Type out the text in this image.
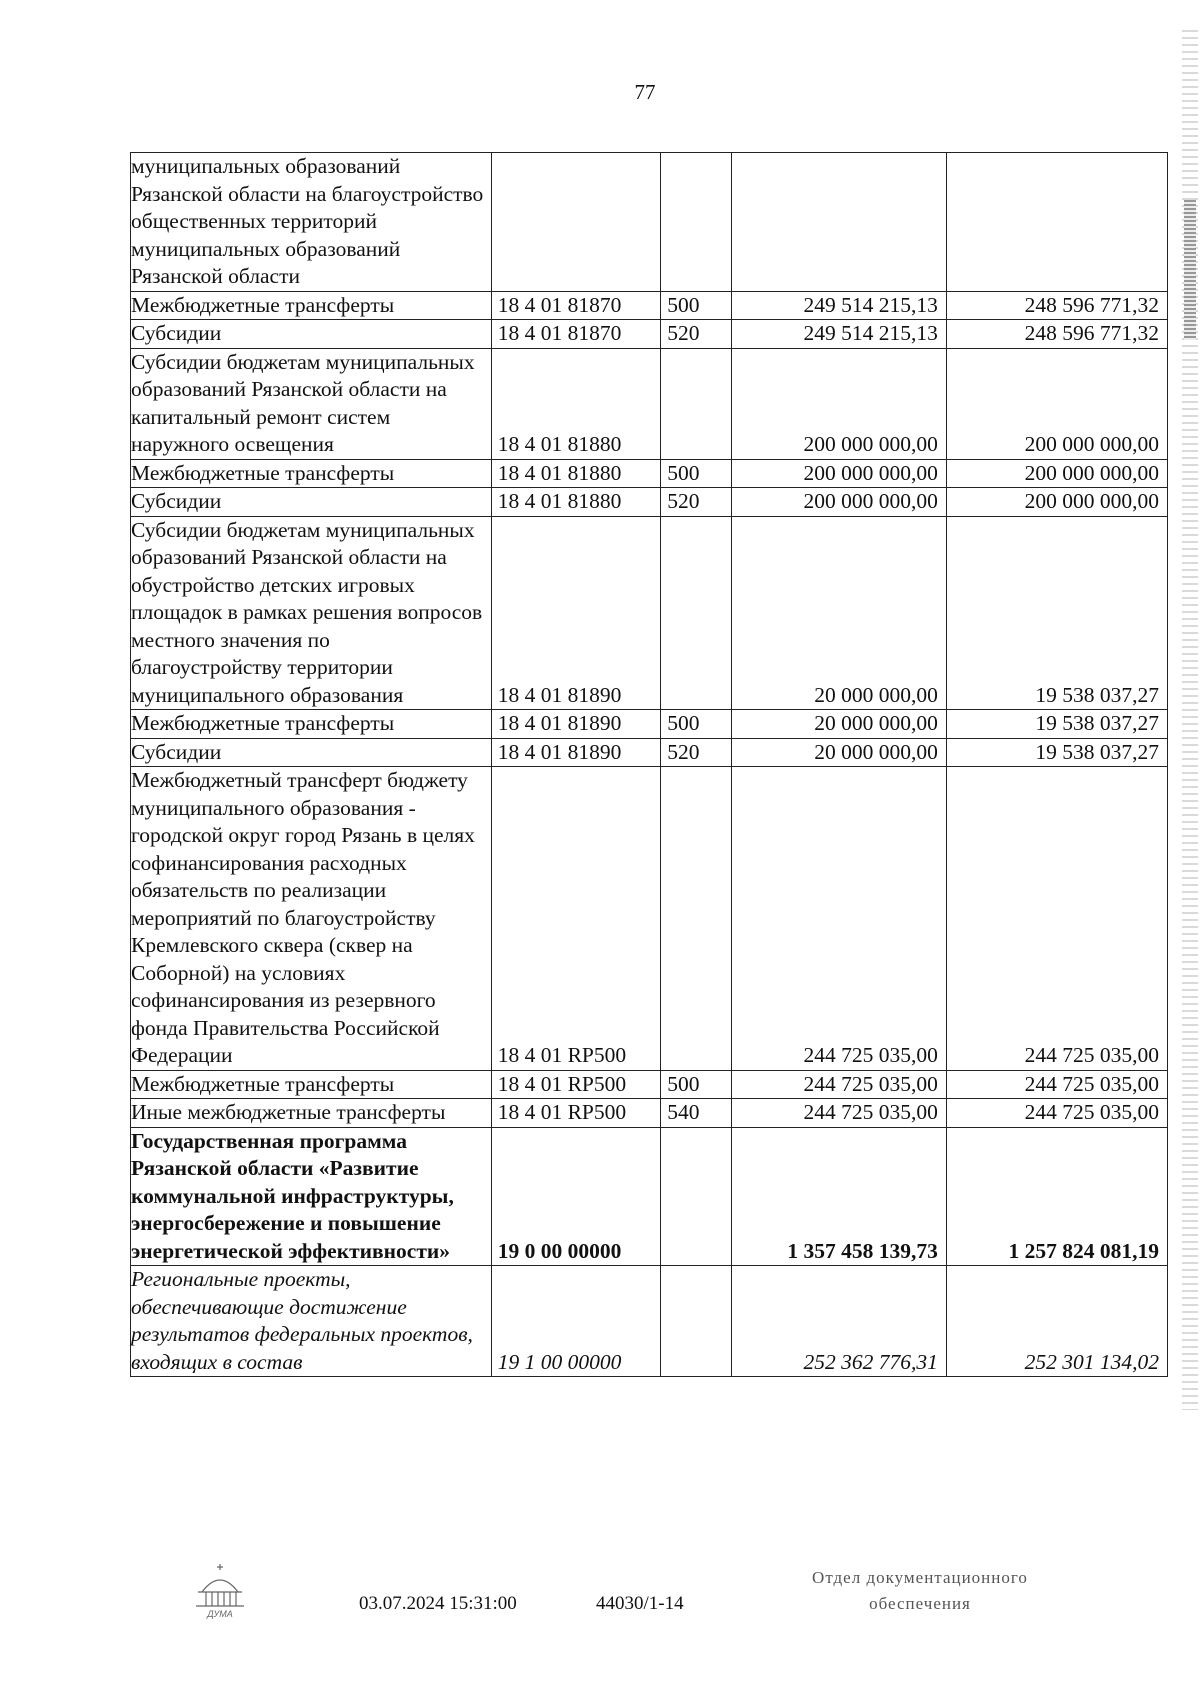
77
муниципальных образований Рязанской области на благоустройство общественных территорий муниципальных образований Рязанской области				
Межбюджетные трансферты	18 4 01 81870	500	249 514 215,13	248 596 771,32
Субсидии	18 4 01 81870	520	249 514 215,13	248 596 771,32
Субсидии бюджетам муниципальных образований Рязанской области на капитальный ремонт систем наружного освещения	18 4 01 81880		200 000 000,00	200 000 000,00
Межбюджетные трансферты	18 4 01 81880	500	200 000 000,00	200 000 000,00
Субсидии	18 4 01 81880	520	200 000 000,00	200 000 000,00
Субсидии бюджетам муниципальных образований Рязанской области на обустройство детских игровых площадок в рамках решения вопросов местного значения по благоустройству территории муниципального образования	18 4 01 81890		20 000 000,00	19 538 037,27
Межбюджетные трансферты	18 4 01 81890	500	20 000 000,00	19 538 037,27
Субсидии	18 4 01 81890	520	20 000 000,00	19 538 037,27
Межбюджетный трансферт бюджету муниципального образования - городской округ город Рязань в целях софинансирования расходных обязательств по реализации мероприятий по благоустройству Кремлевского сквера (сквер на Соборной) на условиях софинансирования из резервного фонда Правительства Российской Федерации	18 4 01 RP500		244 725 035,00	244 725 035,00
Межбюджетные трансферты	18 4 01 RP500	500	244 725 035,00	244 725 035,00
Иные межбюджетные трансферты	18 4 01 RP500	540	244 725 035,00	244 725 035,00
Государственная программа Рязанской области «Развитие коммунальной инфраструктуры, энергосбережение и повышение энергетической эффективности»	19 0 00 00000		1 357 458 139,73	1 257 824 081,19
Региональные проекты, обеспечивающие достижение результатов федеральных проектов, входящих в состав	19 1 00 00000		252 362 776,31	252 301 134,02
ДУМА	03.07.2024 15:31:00	44030/1-14
Отдел документационного
обеспечения
